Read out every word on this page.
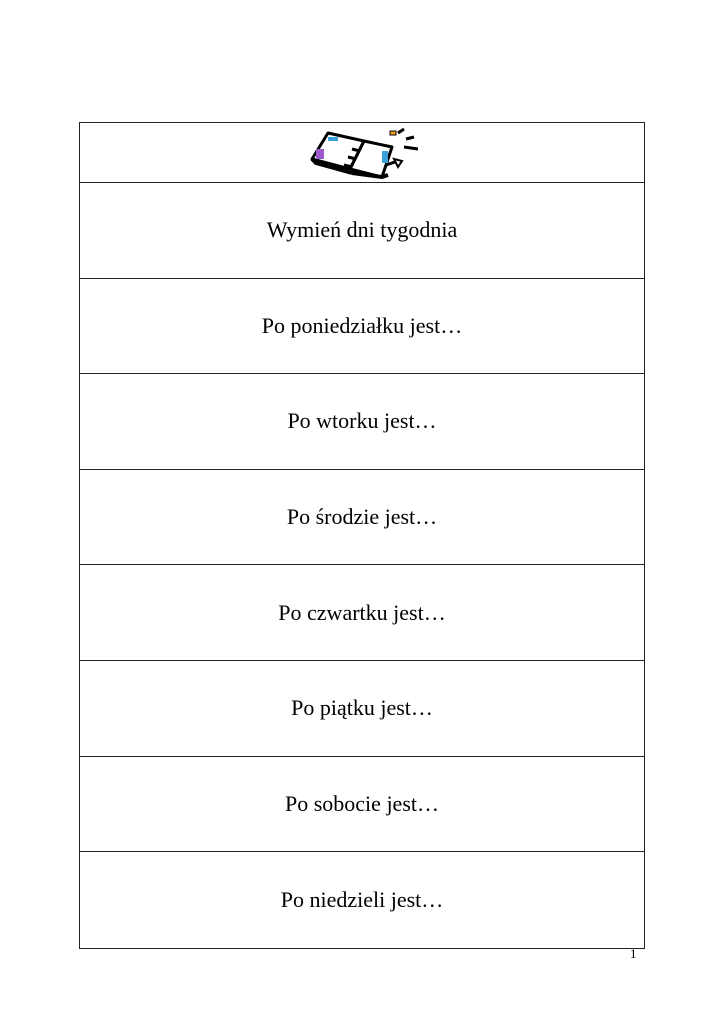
Wymień dni tygodnia
Po poniedziałku jest…
Po wtorku jest…
Po środzie jest…
Po czwartku jest…
Po piątku jest…
Po sobocie jest…
Po niedzieli jest…
1
